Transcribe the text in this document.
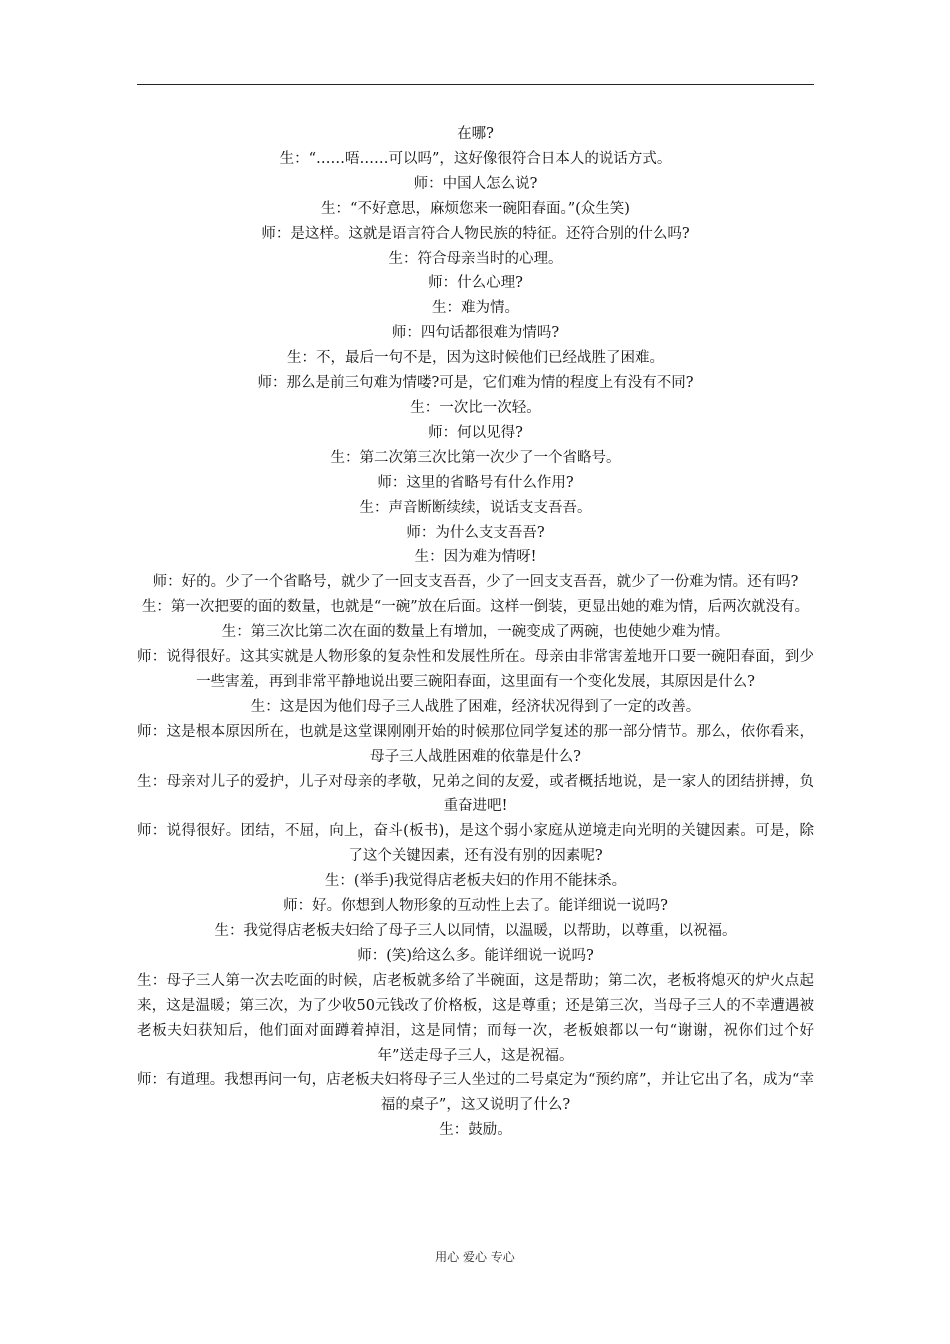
在哪?

生：“……唔……可以吗”，这好像很符合日本人的说话方式。

师：中国人怎么说?

生：“不好意思，麻烦您来一碗阳春面。”(众生笑)

师：是这样。这就是语言符合人物民族的特征。还符合别的什么吗?

生：符合母亲当时的心理。

师：什么心理?

生：难为情。

师：四句话都很难为情吗?

生：不，最后一句不是，因为这时候他们已经战胜了困难。

师：那么是前三句难为情喽?可是，它们难为情的程度上有没有不同?

生：一次比一次轻。

师：何以见得?

生：第二次第三次比第一次少了一个省略号。

师：这里的省略号有什么作用?

生：声音断断续续，说话支支吾吾。

师：为什么支支吾吾?

生：因为难为情呀!

师：好的。少了一个省略号，就少了一回支支吾吾，少了一回支支吾吾，就少了一份难为情。还有吗?

生：第一次把要的面的数量，也就是“一碗”放在后面。这样一倒装，更显出她的难为情，后两次就没有。

生：第三次比第二次在面的数量上有增加，一碗变成了两碗，也使她少难为情。

师：说得很好。这其实就是人物形象的复杂性和发展性所在。母亲由非常害羞地开口要一碗阳春面，到少一些害羞，再到非常平静地说出要三碗阳春面，这里面有一个变化发展，其原因是什么?

生：这是因为他们母子三人战胜了困难，经济状况得到了一定的改善。

师：这是根本原因所在，也就是这堂课刚刚开始的时候那位同学复述的那一部分情节。那么，依你看来，母子三人战胜困难的依靠是什么?

生：母亲对儿子的爱护，儿子对母亲的孝敬，兄弟之间的友爱，或者概括地说，是一家人的团结拼搏，负重奋进吧!

师：说得很好。团结，不屈，向上，奋斗(板书)，是这个弱小家庭从逆境走向光明的关键因素。可是，除了这个关键因素，还有没有别的因素呢?

生：(举手)我觉得店老板夫妇的作用不能抹杀。

师：好。你想到人物形象的互动性上去了。能详细说一说吗?

生：我觉得店老板夫妇给了母子三人以同情，以温暖，以帮助，以尊重，以祝福。

师：(笑)给这么多。能详细说一说吗?

生：母子三人第一次去吃面的时候，店老板就多给了半碗面，这是帮助；第二次，老板将熄灭的炉火点起来，这是温暖；第三次，为了少收50元钱改了价格板，这是尊重；还是第三次，当母子三人的不幸遭遇被老板夫妇获知后，他们面对面蹲着掉泪，这是同情；而每一次，老板娘都以一句“谢谢，祝你们过个好年”送走母子三人，这是祝福。

师：有道理。我想再问一句，店老板夫妇将母子三人坐过的二号桌定为“预约席”，并让它出了名，成为“幸福的桌子”，这又说明了什么?

生：鼓励。

用心 爱心 专心
